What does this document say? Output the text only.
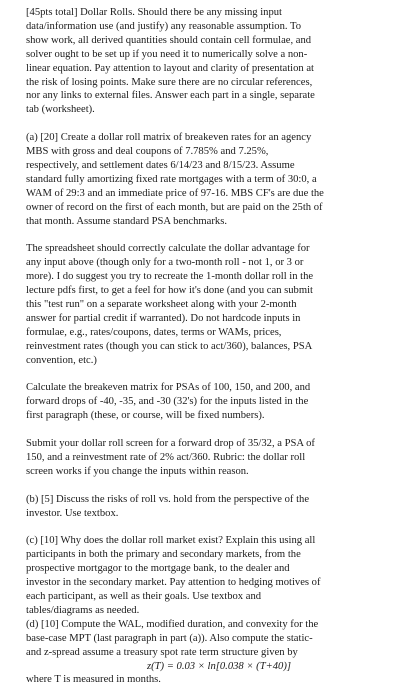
[45pts total] Dollar Rolls. Should there be any missing input data/information use (and justify) any reasonable assumption. To show work, all derived quantities should contain cell formulae, and solver ought to be set up if you need it to numerically solve a non-linear equation. Pay attention to layout and clarity of presentation at the risk of losing points. Make sure there are no circular references, nor any links to external files. Answer each part in a single, separate tab (worksheet).

(a) [20] Create a dollar roll matrix of breakeven rates for an agency MBS with gross and deal coupons of 7.785% and 7.25%, respectively, and settlement dates 6/14/23 and 8/15/23. Assume standard fully amortizing fixed rate mortgages with a term of 30:0, a WAM of 29:3 and an immediate price of 97-16. MBS CF's are due the owner of record on the first of each month, but are paid on the 25th of that month. Assume standard PSA benchmarks.

The spreadsheet should correctly calculate the dollar advantage for any input above (though only for a two-month roll - not 1, or 3 or more). I do suggest you try to recreate the 1-month dollar roll in the lecture pdfs first, to get a feel for how it's done (and you can submit this "test run" on a separate worksheet along with your 2-month answer for partial credit if warranted). Do not hardcode inputs in formulae, e.g., rates/coupons, dates, terms or WAMs, prices, reinvestment rates (though you can stick to act/360), balances, PSA convention, etc.)

Calculate the breakeven matrix for PSAs of 100, 150, and 200, and forward drops of -40, -35, and -30 (32's) for the inputs listed in the first paragraph (these, or course, will be fixed numbers).

Submit your dollar roll screen for a forward drop of 35/32, a PSA of 150, and a reinvestment rate of 2% act/360. Rubric: the dollar roll screen works if you change the inputs within reason.

(b) [5] Discuss the risks of roll vs. hold from the perspective of the investor. Use textbox.

(c) [10] Why does the dollar roll market exist? Explain this using all participants in both the primary and secondary markets, from the prospective mortgagor to the mortgage bank, to the dealer and investor in the secondary market. Pay attention to hedging motives of each participant, as well as their goals. Use textbox and tables/diagrams as needed.

(d) [10] Compute the WAL, modified duration, and convexity for the base-case MPT (last paragraph in part (a)). Also compute the static- and z-spread assume a treasury spot rate term structure given by

z(T) = 0.03 × ln[0.038 × (T+40)]

where T is measured in months.
